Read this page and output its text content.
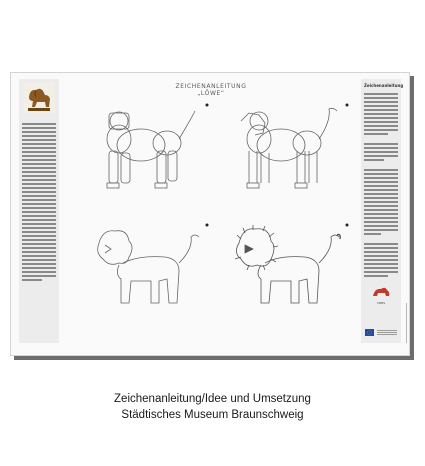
ZEICHENANLEITUNG
„LÖWE“
Zeichenanleitung
SMBS
Zeichenanleitung/Idee und Umsetzung
Städtisches Museum Braunschweig
